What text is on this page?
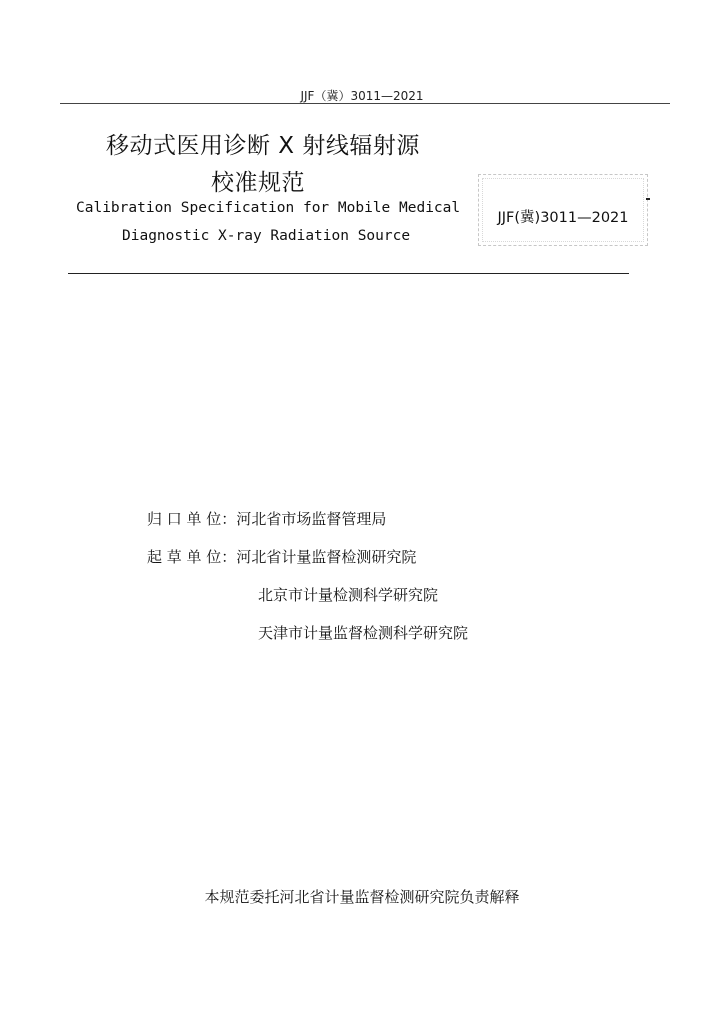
JJF（冀）3011—2021
移动式医用诊断 X 射线辐射源
校准规范
Calibration Specification for Mobile Medical
Diagnostic X-ray Radiation Source
JJF(冀)3011—2021
归 口 单 位：河北省市场监督管理局
起 草 单 位：河北省计量监督检测研究院
北京市计量检测科学研究院
天津市计量监督检测科学研究院
本规范委托河北省计量监督检测研究院负责解释
